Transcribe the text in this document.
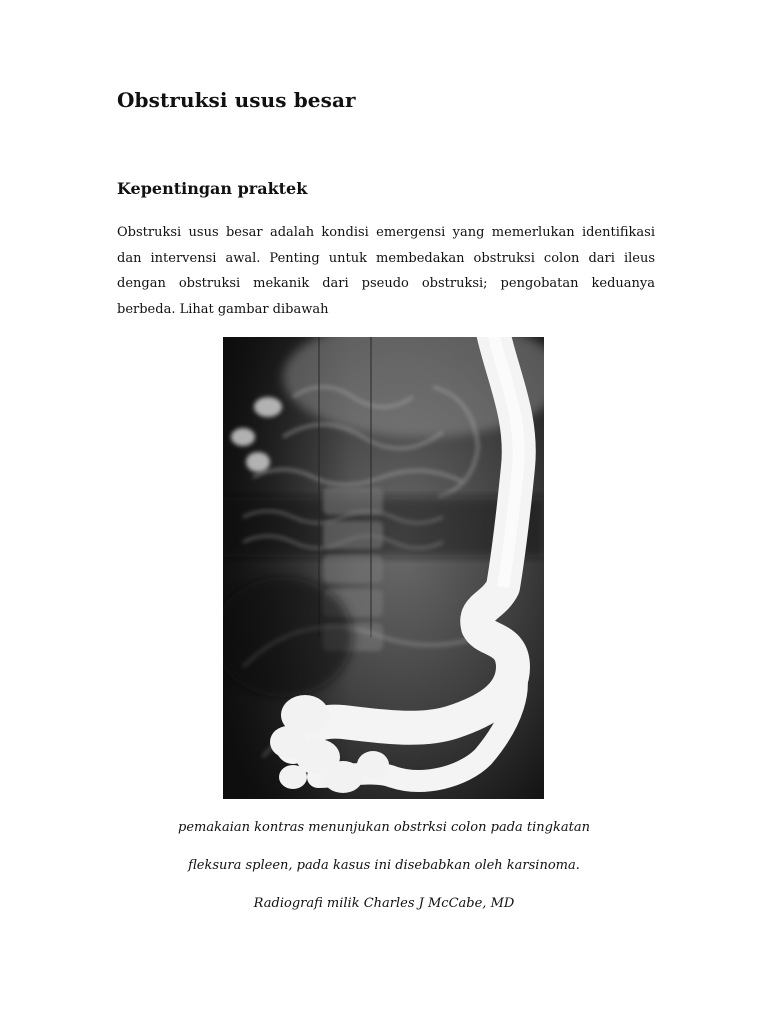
Obstruksi usus besar
Kepentingan praktek

Obstruksi usus besar adalah kondisi emergensi yang memerlukan identifikasi dan intervensi awal. Penting untuk membedakan obstruksi colon dari ileus dengan obstruksi mekanik dari pseudo obstruksi; pengobatan keduanya berbeda. Lihat gambar dibawah

pemakaian kontras menunjukan obstrksi colon pada tingkatan

fleksura spleen, pada kasus ini disebabkan oleh karsinoma.

Radiografi milik Charles J McCabe, MD
